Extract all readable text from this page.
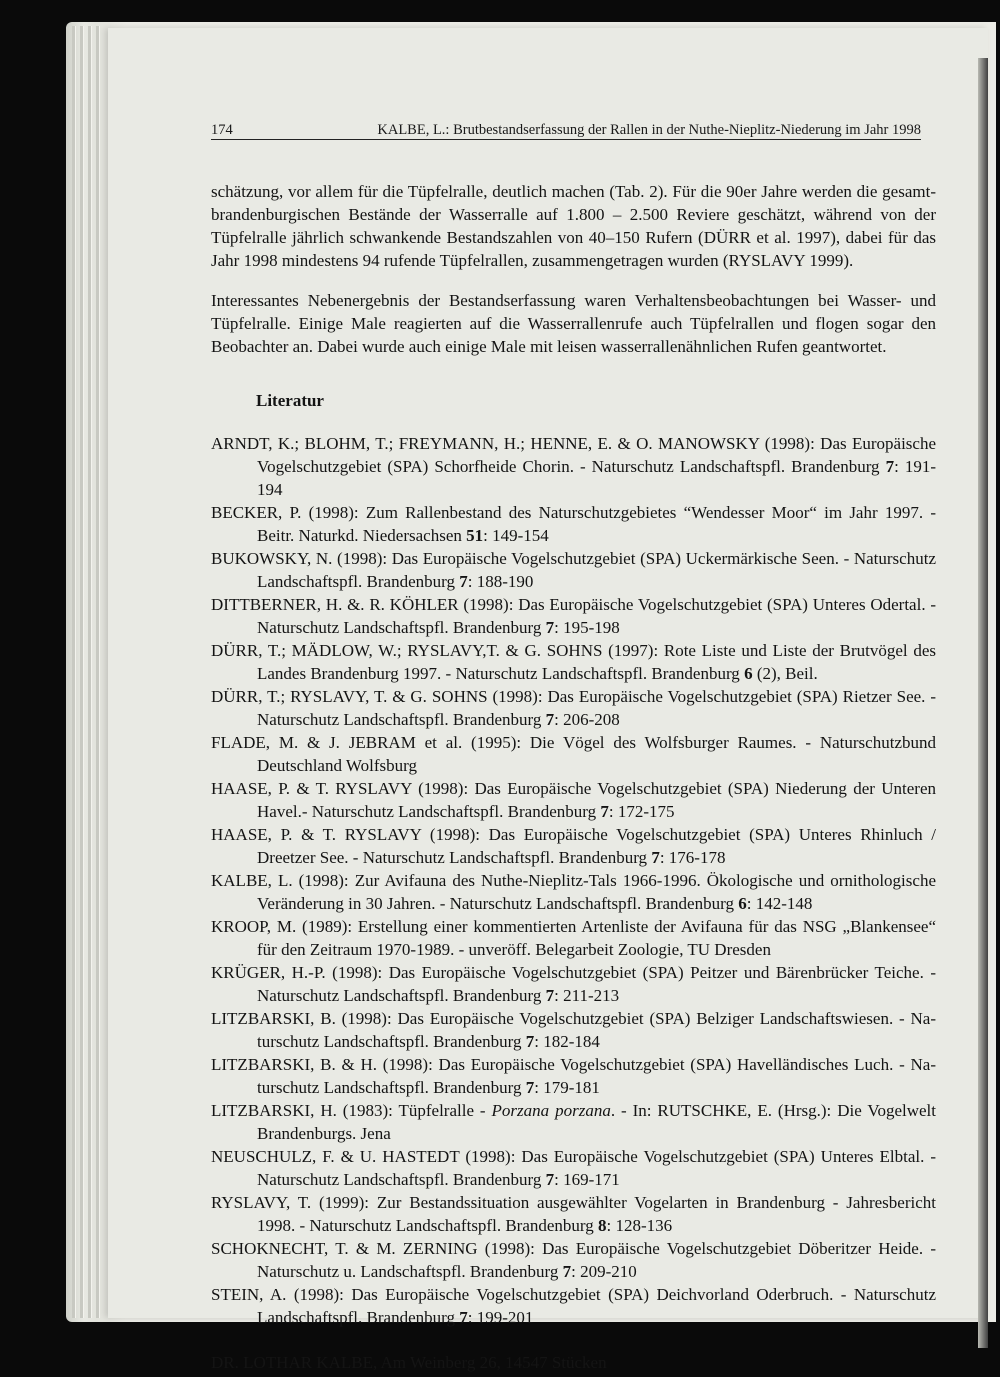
174	KALBE, L.: Brutbestandserfassung der Rallen in der Nuthe-Nieplitz-Niederung im Jahr 1998

schätzung, vor allem für die Tüpfelralle, deutlich machen (Tab. 2). Für die 90er Jahre werden die gesamtbrandenburgischen Bestände der Wasserralle auf 1.800 – 2.500 Reviere geschätzt, während von der Tüpfelralle jährlich schwankende Bestandszahlen von 40–150 Rufern (DÜRR et al. 1997), dabei für das Jahr 1998 mindestens 94 rufende Tüpfelrallen, zusammengetragen wurden (RYSLAVY 1999).

Interessantes Nebenergebnis der Bestandserfassung waren Verhaltensbeobachtungen bei Wasser- und Tüpfelralle. Einige Male reagierten auf die Wasserrallenrufe auch Tüpfelrallen und flogen sogar den Beobachter an. Dabei wurde auch einige Male mit leisen wasserrallenähnlichen Rufen geantwortet.

Literatur

ARNDT, K.; BLOHM, T.; FREYMANN, H.; HENNE, E. & O. MANOWSKY (1998): Das Europäische Vogelschutzgebiet (SPA) Schorfheide Chorin. - Naturschutz Landschaftspfl. Brandenburg 7: 191-194

BECKER, P. (1998): Zum Rallenbestand des Naturschutzgebietes “Wendesser Moor“ im Jahr 1997. - Beitr. Naturkd. Niedersachsen 51: 149-154

BUKOWSKY, N. (1998): Das Europäische Vogelschutzgebiet (SPA) Uckermärkische Seen. - Naturschutz Landschaftspfl. Brandenburg 7: 188-190

DITTBERNER, H. &. R. KÖHLER (1998): Das Europäische Vogelschutzgebiet (SPA) Unteres Odertal. - Naturschutz Landschaftspfl. Brandenburg 7: 195-198

DÜRR, T.; MÄDLOW, W.; RYSLAVY,T. & G. SOHNS (1997): Rote Liste und Liste der Brutvögel des Landes Brandenburg 1997. - Naturschutz Landschaftspfl. Brandenburg 6 (2), Beil.

DÜRR, T.; RYSLAVY, T. & G. SOHNS (1998): Das Europäische Vogelschutzgebiet (SPA) Rietzer See. - Naturschutz Landschaftspfl. Brandenburg 7: 206-208

FLADE, M. & J. JEBRAM et al. (1995): Die Vögel des Wolfsburger Raumes. - Naturschutzbund Deutschland Wolfsburg

HAASE, P. & T. RYSLAVY (1998): Das Europäische Vogelschutzgebiet (SPA) Niederung der Unteren Havel.- Naturschutz Landschaftspfl. Brandenburg 7: 172-175

HAASE, P. & T. RYSLAVY (1998): Das Europäische Vogelschutzgebiet (SPA) Unteres Rhinluch / Dreetzer See. - Naturschutz Landschaftspfl. Brandenburg 7: 176-178

KALBE, L. (1998): Zur Avifauna des Nuthe-Nieplitz-Tals 1966-1996. Ökologische und ornithologische Veränderung in 30 Jahren. - Naturschutz Landschaftspfl. Brandenburg 6: 142-148

KROOP, M. (1989): Erstellung einer kommentierten Artenliste der Avifauna für das NSG „Blankensee“ für den Zeitraum 1970-1989. - unveröff. Belegarbeit Zoologie, TU Dresden

KRÜGER, H.-P. (1998): Das Europäische Vogelschutzgebiet (SPA) Peitzer und Bärenbrücker Teiche. - Naturschutz Landschaftspfl. Brandenburg 7: 211-213

LITZBARSKI, B. (1998): Das Europäische Vogelschutzgebiet (SPA) Belziger Landschaftswiesen. - Naturschutz Landschaftspfl. Brandenburg 7: 182-184

LITZBARSKI, B. & H. (1998): Das Europäische Vogelschutzgebiet (SPA) Havelländisches Luch. - Naturschutz Landschaftspfl. Brandenburg 7: 179-181

LITZBARSKI, H. (1983): Tüpfelralle - Porzana porzana. - In: RUTSCHKE, E. (Hrsg.): Die Vogelwelt Brandenburgs. Jena

NEUSCHULZ, F. & U. HASTEDT (1998): Das Europäische Vogelschutzgebiet (SPA) Unteres Elbtal. - Naturschutz Landschaftspfl. Brandenburg 7: 169-171

RYSLAVY, T. (1999): Zur Bestandssituation ausgewählter Vogelarten in Brandenburg - Jahresbericht 1998. - Naturschutz Landschaftspfl. Brandenburg 8: 128-136

SCHOKNECHT, T. & M. ZERNING (1998): Das Europäische Vogelschutzgebiet Döberitzer Heide. - Naturschutz u. Landschaftspfl. Brandenburg 7: 209-210

STEIN, A. (1998): Das Europäische Vogelschutzgebiet (SPA) Deichvorland Oderbruch. - Naturschutz Landschaftspfl. Brandenburg 7: 199-201

DR. LOTHAR KALBE, Am Weinberg 26, 14547 Stücken
